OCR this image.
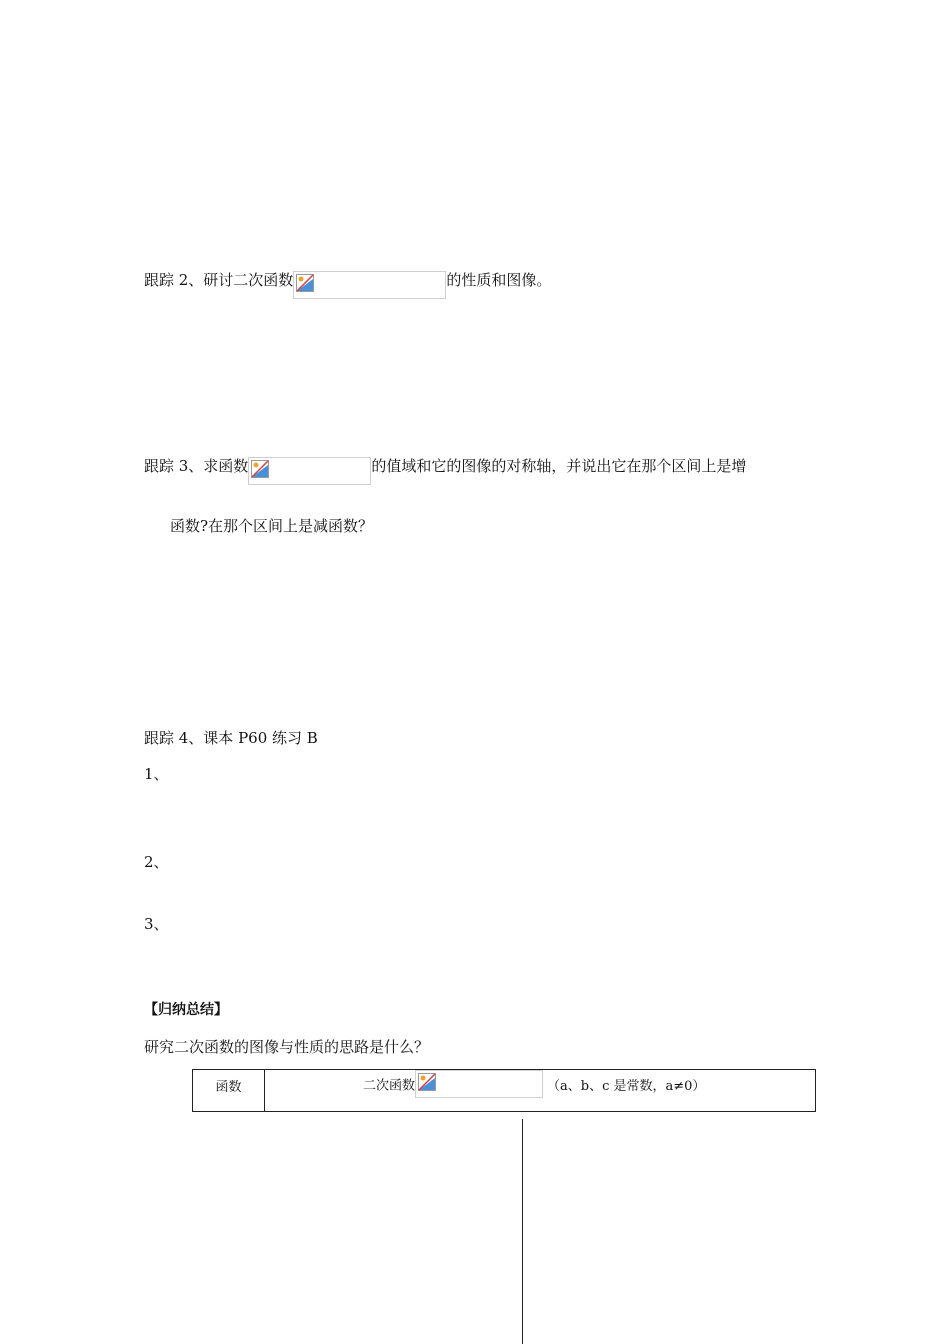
跟踪 2、研讨二次函数	的性质和图像。
跟踪 3、求函数	的值域和它的图像的对称轴，并说出它在那个区间上是增
函数?在那个区间上是减函数？
跟踪 4、课本 P60 练习 B
1、
2、
3、
【归纳总结】
研究二次函数的图像与性质的思路是什么？
函数	二次函数	（a、b、c 是常数，a≠0）
